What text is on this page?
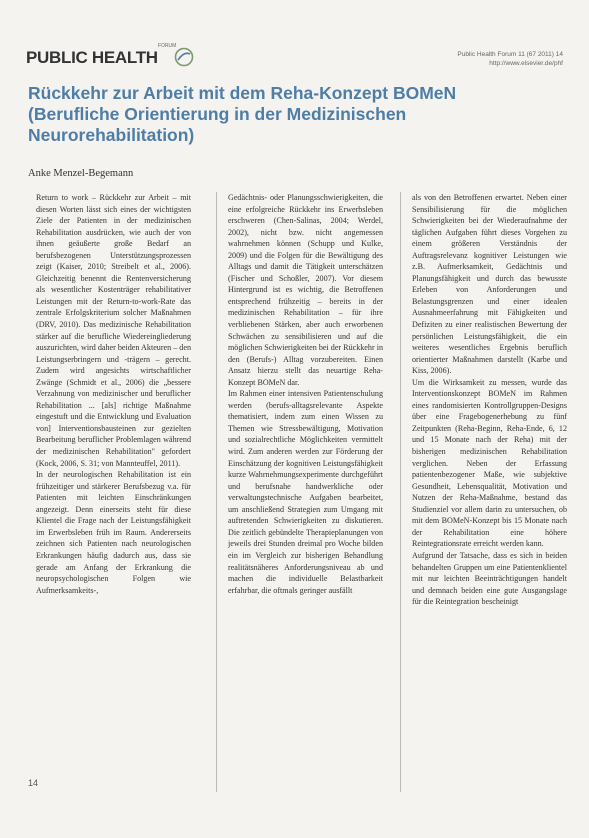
PUBLIC HEALTH
FORUM
Public Health Forum 11 (67 2011) 14
http://www.elsevier.de/phf
Rückkehr zur Arbeit mit dem Reha-Konzept BOMeN
(Berufliche Orientierung in der Medizinischen
Neurorehabilitation)
Anke Menzel-Begemann

Return to work – Rückkehr zur Arbeit – mit diesen Worten lässt sich eines der wichtigsten Ziele der Patienten in der medizinischen Rehabilitation ausdrücken, wie auch der von ihnen geäußerte große Bedarf an berufsbezogenen Unterstützungsprozessen zeigt (Kaiser, 2010; Streibelt et al., 2006). Gleichzeitig benennt die Rentenversicherung als wesentlicher Kostenträger rehabilitativer Leistungen mit der Return-to-work-Rate das zentrale Erfolgskriterium solcher Maßnahmen (DRV, 2010). Das medizinische Rehabilitation stärker auf die berufliche Wiedereingliederung auszurichten, wird daher beiden Akteuren – den Leistungserbringern und -trägern – gerecht. Zudem wird angesichts wirtschaftlicher Zwänge (Schmidt et al., 2006) die „bessere Verzahnung von medizinischer und beruflicher Rehabilitation ... [als] richtige Maßnahme eingestuft und die Entwicklung und Evaluation von] Interventionsbausteinen zur gezielten Bearbeitung beruflicher Problemlagen während der medizinischen Rehabilitation" gefordert (Kock, 2006, S. 31; von Mannteuffel, 2011).

In der neurologischen Rehabilitation ist ein frühzeitiger und stärkerer Berufsbezug v.a. für Patienten mit leichten Einschränkungen angezeigt. Denn einerseits steht für diese Klientel die Frage nach der Leistungsfähigkeit im Erwerbsleben früh im Raum. Andererseits zeichnen sich Patienten nach neurologischen Erkrankungen häufig dadurch aus, dass sie gerade am Anfang der Erkrankung die neuropsychologischen Folgen wie Aufmerksamkeits-,

Gedächtnis- oder Planungsschwierigkeiten, die eine erfolgreiche Rückkehr ins Erwerbsleben erschweren (Chen-Salinas, 2004; Werdel, 2002), nicht bzw. nicht angemessen wahrnehmen können (Schupp und Kulke, 2009) und die Folgen für die Bewältigung des Alltags und damit die Tätigkeit unterschätzen (Fischer und Schoßler, 2007). Vor diesem Hintergrund ist es wichtig, die Betroffenen entsprechend frühzeitig – bereits in der medizinischen Rehabilitation – für ihre verbliebenen Stärken, aber auch erworbenen Schwächen zu sensibilisieren und auf die möglichen Schwierigkeiten bei der Rückkehr in den (Berufs-) Alltag vorzubereiten. Einen Ansatz hierzu stellt das neuartige Reha-Konzept BOMeN dar.

Im Rahmen einer intensiven Patientenschulung werden (berufs-alltagsrelevante Aspekte thematisiert, indem zum einen Wissen zu Themen wie Stressbewältigung, Motivation und sozialrechtliche Möglichkeiten vermittelt wird. Zum anderen werden zur Förderung der Einschätzung der kognitiven Leistungsfähigkeit kurze Wahrnehmungsexperimente durchgeführt und berufsnahe handwerkliche oder verwaltungstechnische Aufgaben bearbeitet, um anschließend Strategien zum Umgang mit auftretenden Schwierigkeiten zu diskutieren. Die zeitlich gebündelte Therapieplanungen von jeweils drei Stunden dreimal pro Woche bilden ein im Vergleich zur bisherigen Behandlung realitätsnäheres Anforderungsniveau ab und machen die individuelle Belastbarkeit erfahrbar, die oftmals geringer ausfällt

als von den Betroffenen erwartet. Neben einer Sensibilisierung für die möglichen Schwierigkeiten bei der Wiederaufnahme der täglichen Aufgaben führt dieses Vorgehen zu einem größeren Verständnis der Auftragsrelevanz kognitiver Leistungen wie z.B. Aufmerksamkeit, Gedächtnis und Planungsfähigkeit und durch das bewusste Erleben von Anforderungen und Belastungsgrenzen und einer idealen Ausnahmeerfahrung mit Fähigkeiten und Defiziten zu einer realistischen Bewertung der persönlichen Leistungsfähigkeit, die ein weiteres wesentliches Ergebnis beruflich orientierter Maßnahmen darstellt (Karbe und Kiss, 2006).

Um die Wirksamkeit zu messen, wurde das Interventionskonzept BOMeN im Rahmen eines randomisierten Kontrollgruppen-Designs über eine Fragebogenerhebung zu fünf Zeitpunkten (Reha-Beginn, Reha-Ende, 6, 12 und 15 Monate nach der Reha) mit der bisherigen medizinischen Rehabilitation verglichen. Neben der Erfassung patientenbezogener Maße, wie subjektive Gesundheit, Lebensqualität, Motivation und Nutzen der Reha-Maßnahme, bestand das Studienziel vor allem darin zu untersuchen, ob mit dem BOMeN-Konzept bis 15 Monate nach der Rehabilitation eine höhere Reintegrationsrate erreicht werden kann.

Aufgrund der Tatsache, dass es sich in beiden behandelten Gruppen um eine Patientenklientel mit nur leichten Beeinträchtigungen handelt und demnach beiden eine gute Ausgangslage für die Reintegration bescheinigt

14
